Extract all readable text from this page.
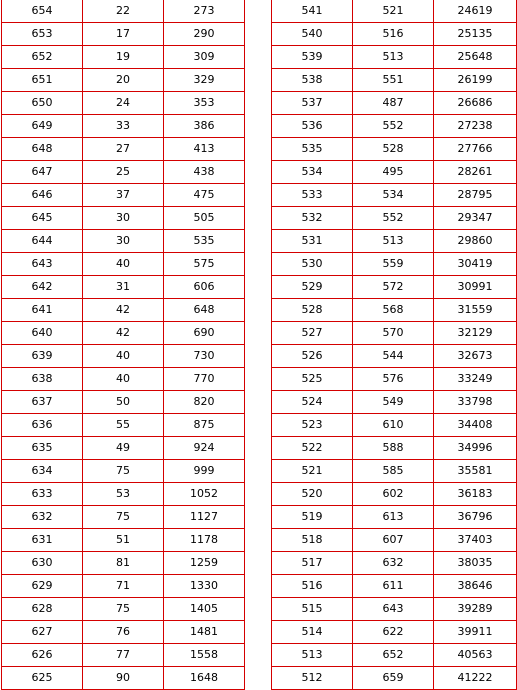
654	22	273
653	17	290
652	19	309
651	20	329
650	24	353
649	33	386
648	27	413
647	25	438
646	37	475
645	30	505
644	30	535
643	40	575
642	31	606
641	42	648
640	42	690
639	40	730
638	40	770
637	50	820
636	55	875
635	49	924
634	75	999
633	53	1052
632	75	1127
631	51	1178
630	81	1259
629	71	1330
628	75	1405
627	76	1481
626	77	1558
625	90	1648
541	521	24619
540	516	25135
539	513	25648
538	551	26199
537	487	26686
536	552	27238
535	528	27766
534	495	28261
533	534	28795
532	552	29347
531	513	29860
530	559	30419
529	572	30991
528	568	31559
527	570	32129
526	544	32673
525	576	33249
524	549	33798
523	610	34408
522	588	34996
521	585	35581
520	602	36183
519	613	36796
518	607	37403
517	632	38035
516	611	38646
515	643	39289
514	622	39911
513	652	40563
512	659	41222
